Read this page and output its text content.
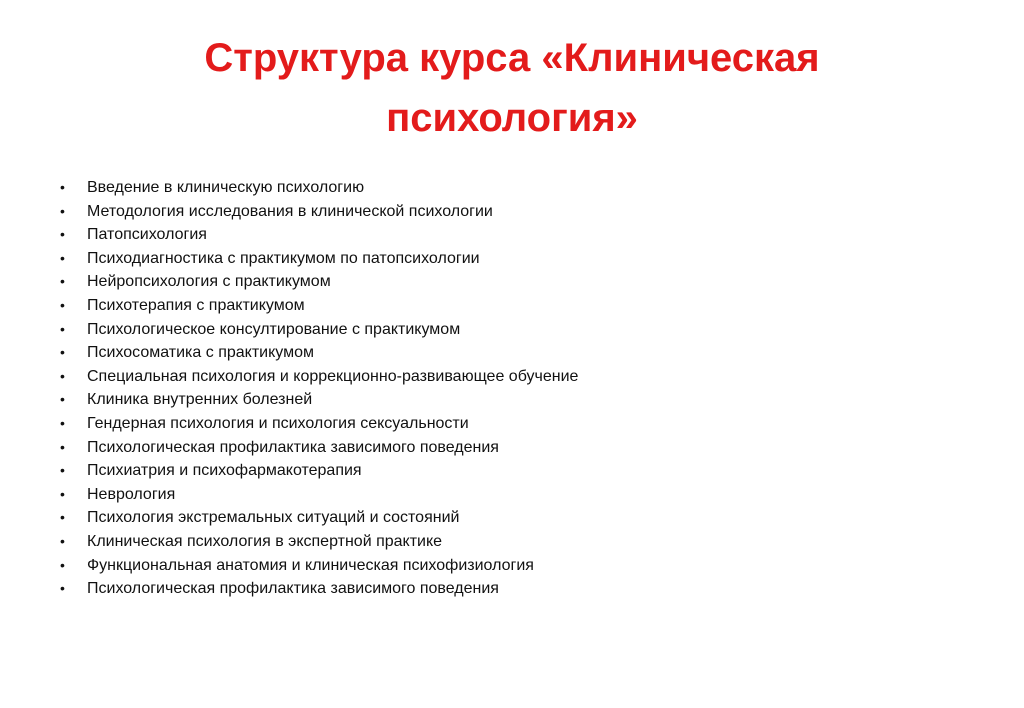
Структура курса «Клиническая
психология»
•	Введение в клиническую психологию
•	Методология исследования в клинической психологии
•	Патопсихология
•	Психодиагностика с практикумом по патопсихологии
•	Нейропсихология с практикумом
•	Психотерапия с практикумом
•	Психологическое консултирование с практикумом
•	Психосоматика с практикумом
•	Специальная психология и коррекционно-развивающее обучение
•	Клиника внутренних болезней
•	Гендерная психология и психология сексуальности
•	Психологическая профилактика зависимого поведения
•	Психиатрия и психофармакотерапия
•	Неврология
•	Психология экстремальных ситуаций и состояний
•	Клиническая психология в экспертной практике
•	Функциональная анатомия и клиническая психофизиология
•	Психологическая профилактика зависимого поведения
